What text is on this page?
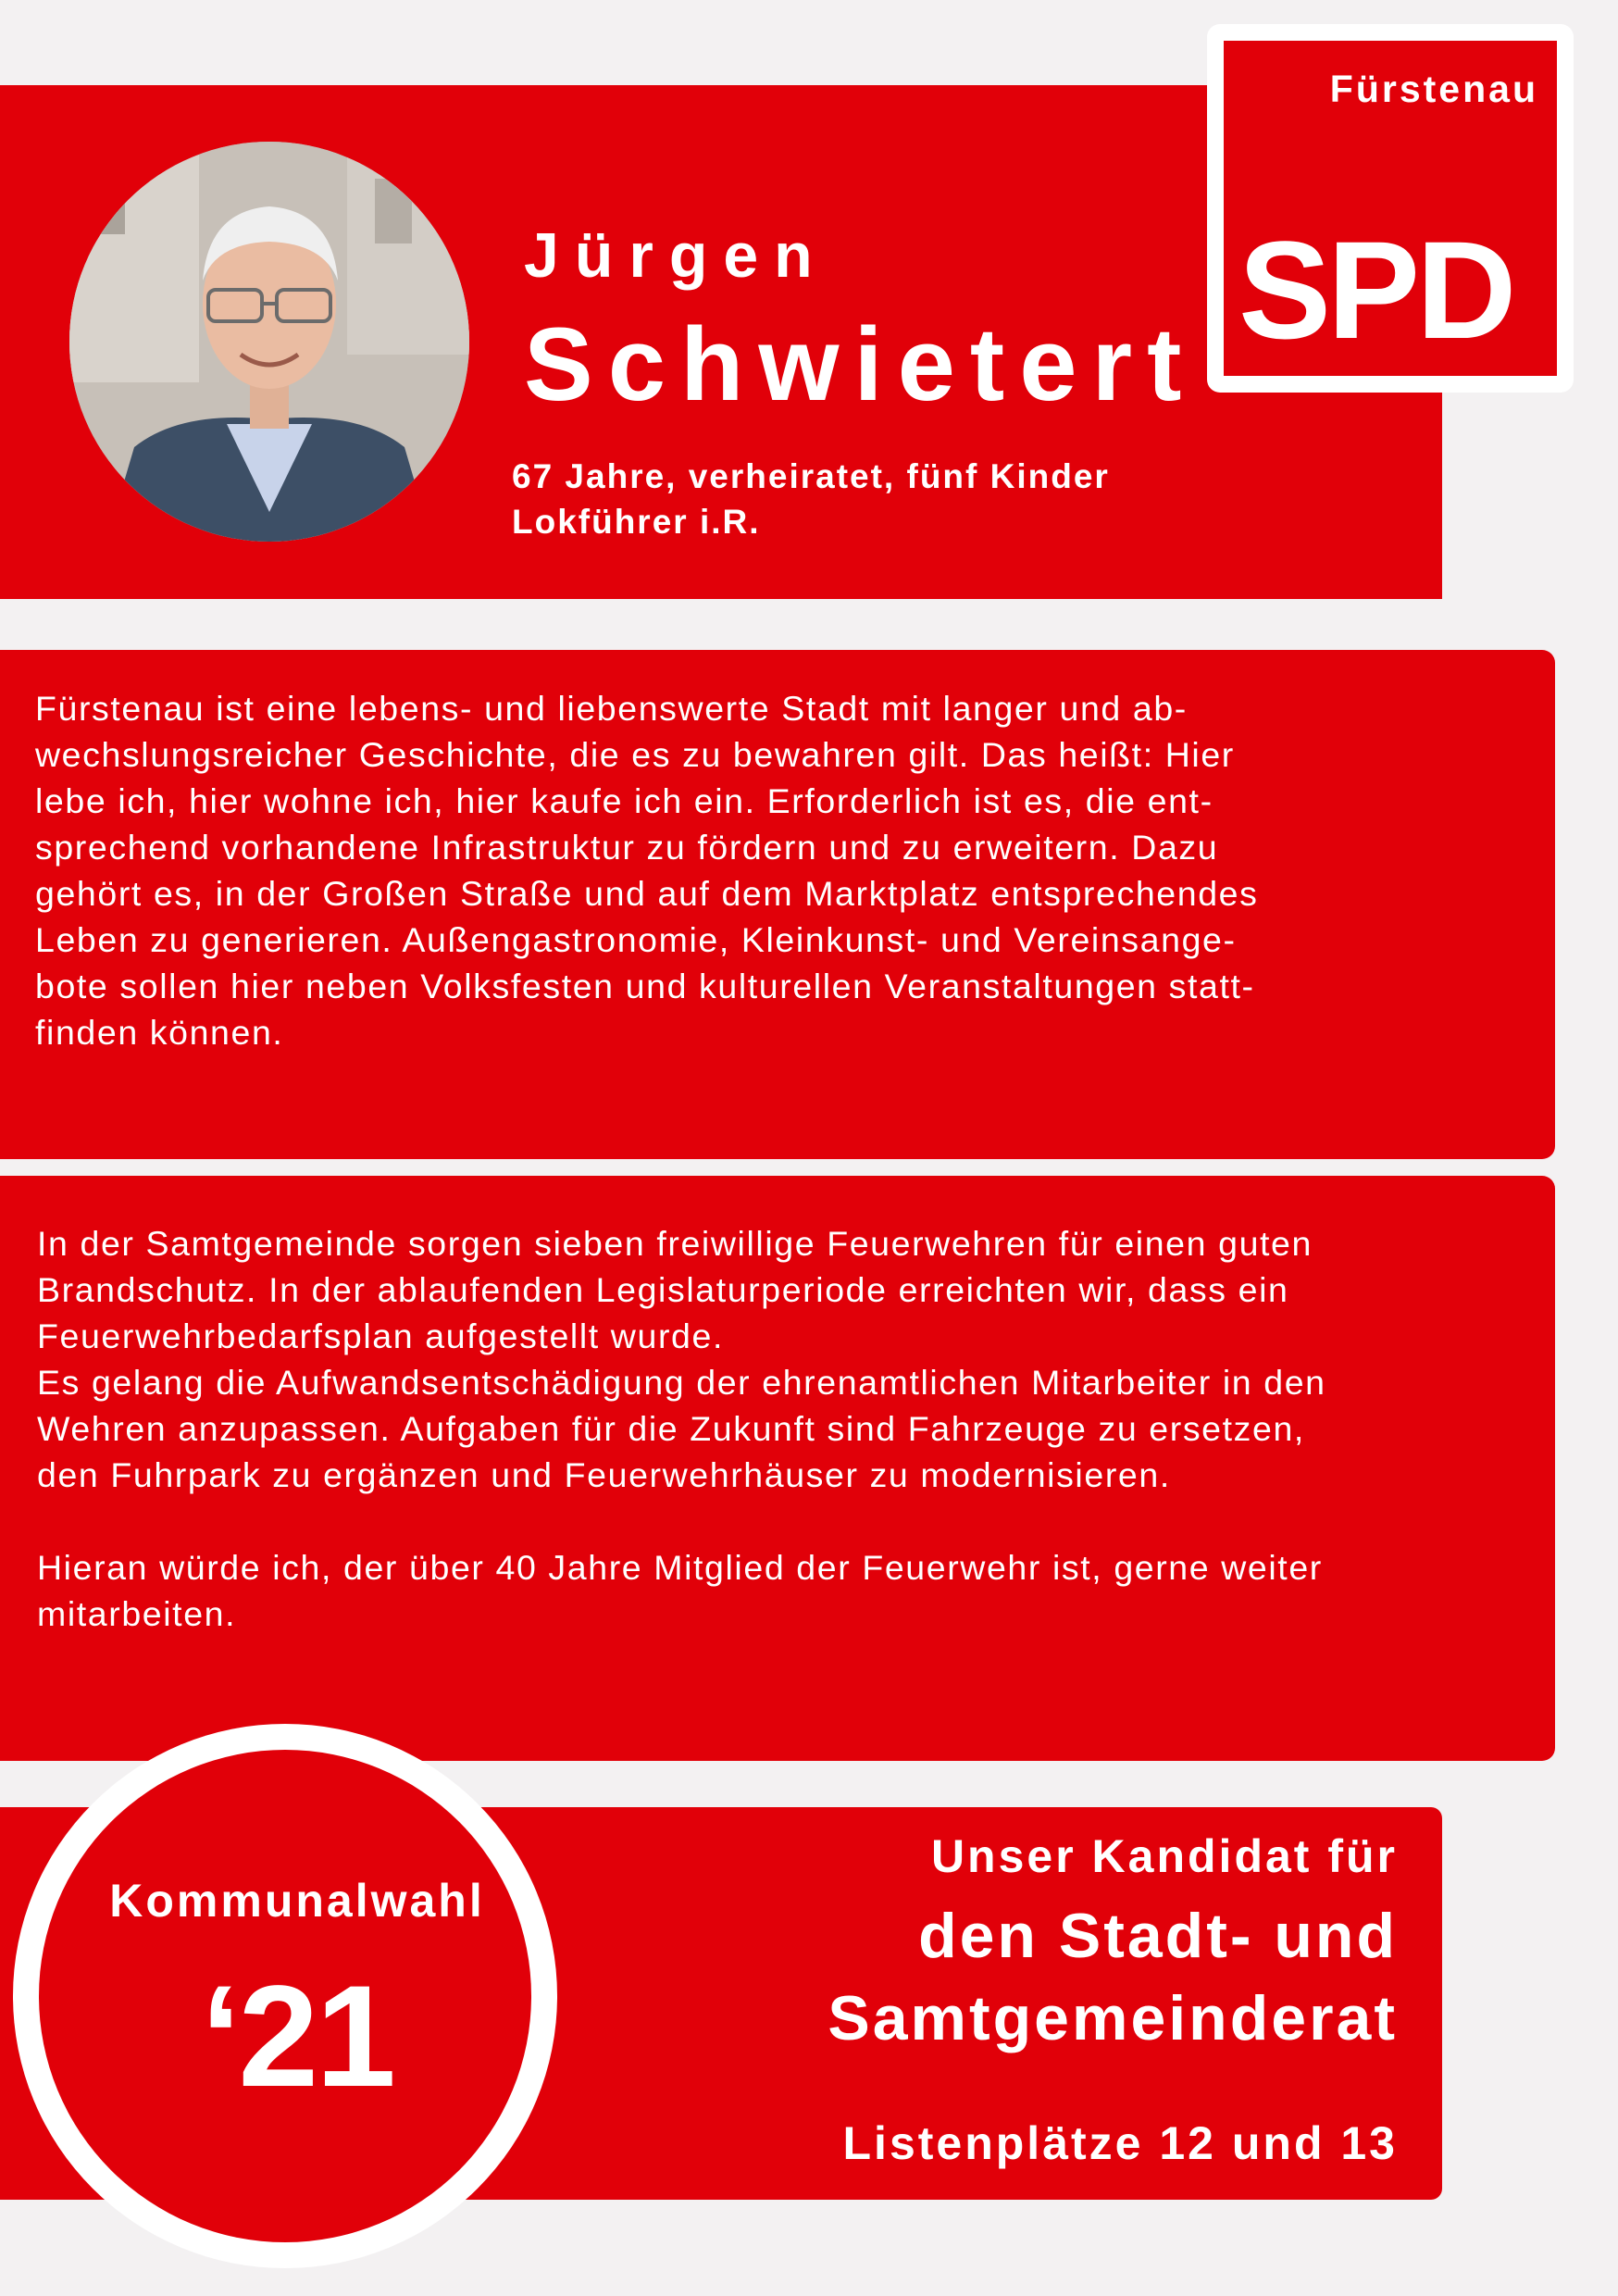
Jürgen
Schwietert
67 Jahre, verheiratet, fünf Kinder
Lokführer i.R.
Fürstenau
SPD

Fürstenau ist eine lebens- und liebenswerte Stadt mit langer und ab-
wechslungsreicher Geschichte, die es zu bewahren gilt. Das heißt: Hier
lebe ich, hier wohne ich, hier kaufe ich ein. Erforderlich ist es, die ent-
sprechend vorhandene Infrastruktur zu fördern und zu erweitern. Dazu
gehört es, in der Großen Straße und auf dem Marktplatz entsprechendes
Leben zu generieren. Außengastronomie, Kleinkunst- und Vereinsange-
bote sollen hier neben Volksfesten und kulturellen Veranstaltungen statt-
finden können.

In der Samtgemeinde sorgen sieben freiwillige Feuerwehren für einen guten
Brandschutz. In der ablaufenden Legislaturperiode erreichten wir, dass ein
Feuerwehrbedarfsplan aufgestellt wurde.
Es gelang die Aufwandsentschädigung der ehrenamtlichen Mitarbeiter in den
Wehren anzupassen. Aufgaben für die Zukunft sind Fahrzeuge zu ersetzen,
den Fuhrpark zu ergänzen und Feuerwehrhäuser zu modernisieren.

Hieran würde ich, der über 40 Jahre Mitglied der Feuerwehr ist, gerne weiter
mitarbeiten.

Kommunalwahl
‘21
Unser Kandidat für
den Stadt- und
Samtgemeinderat
Listenplätze 12 und 13
